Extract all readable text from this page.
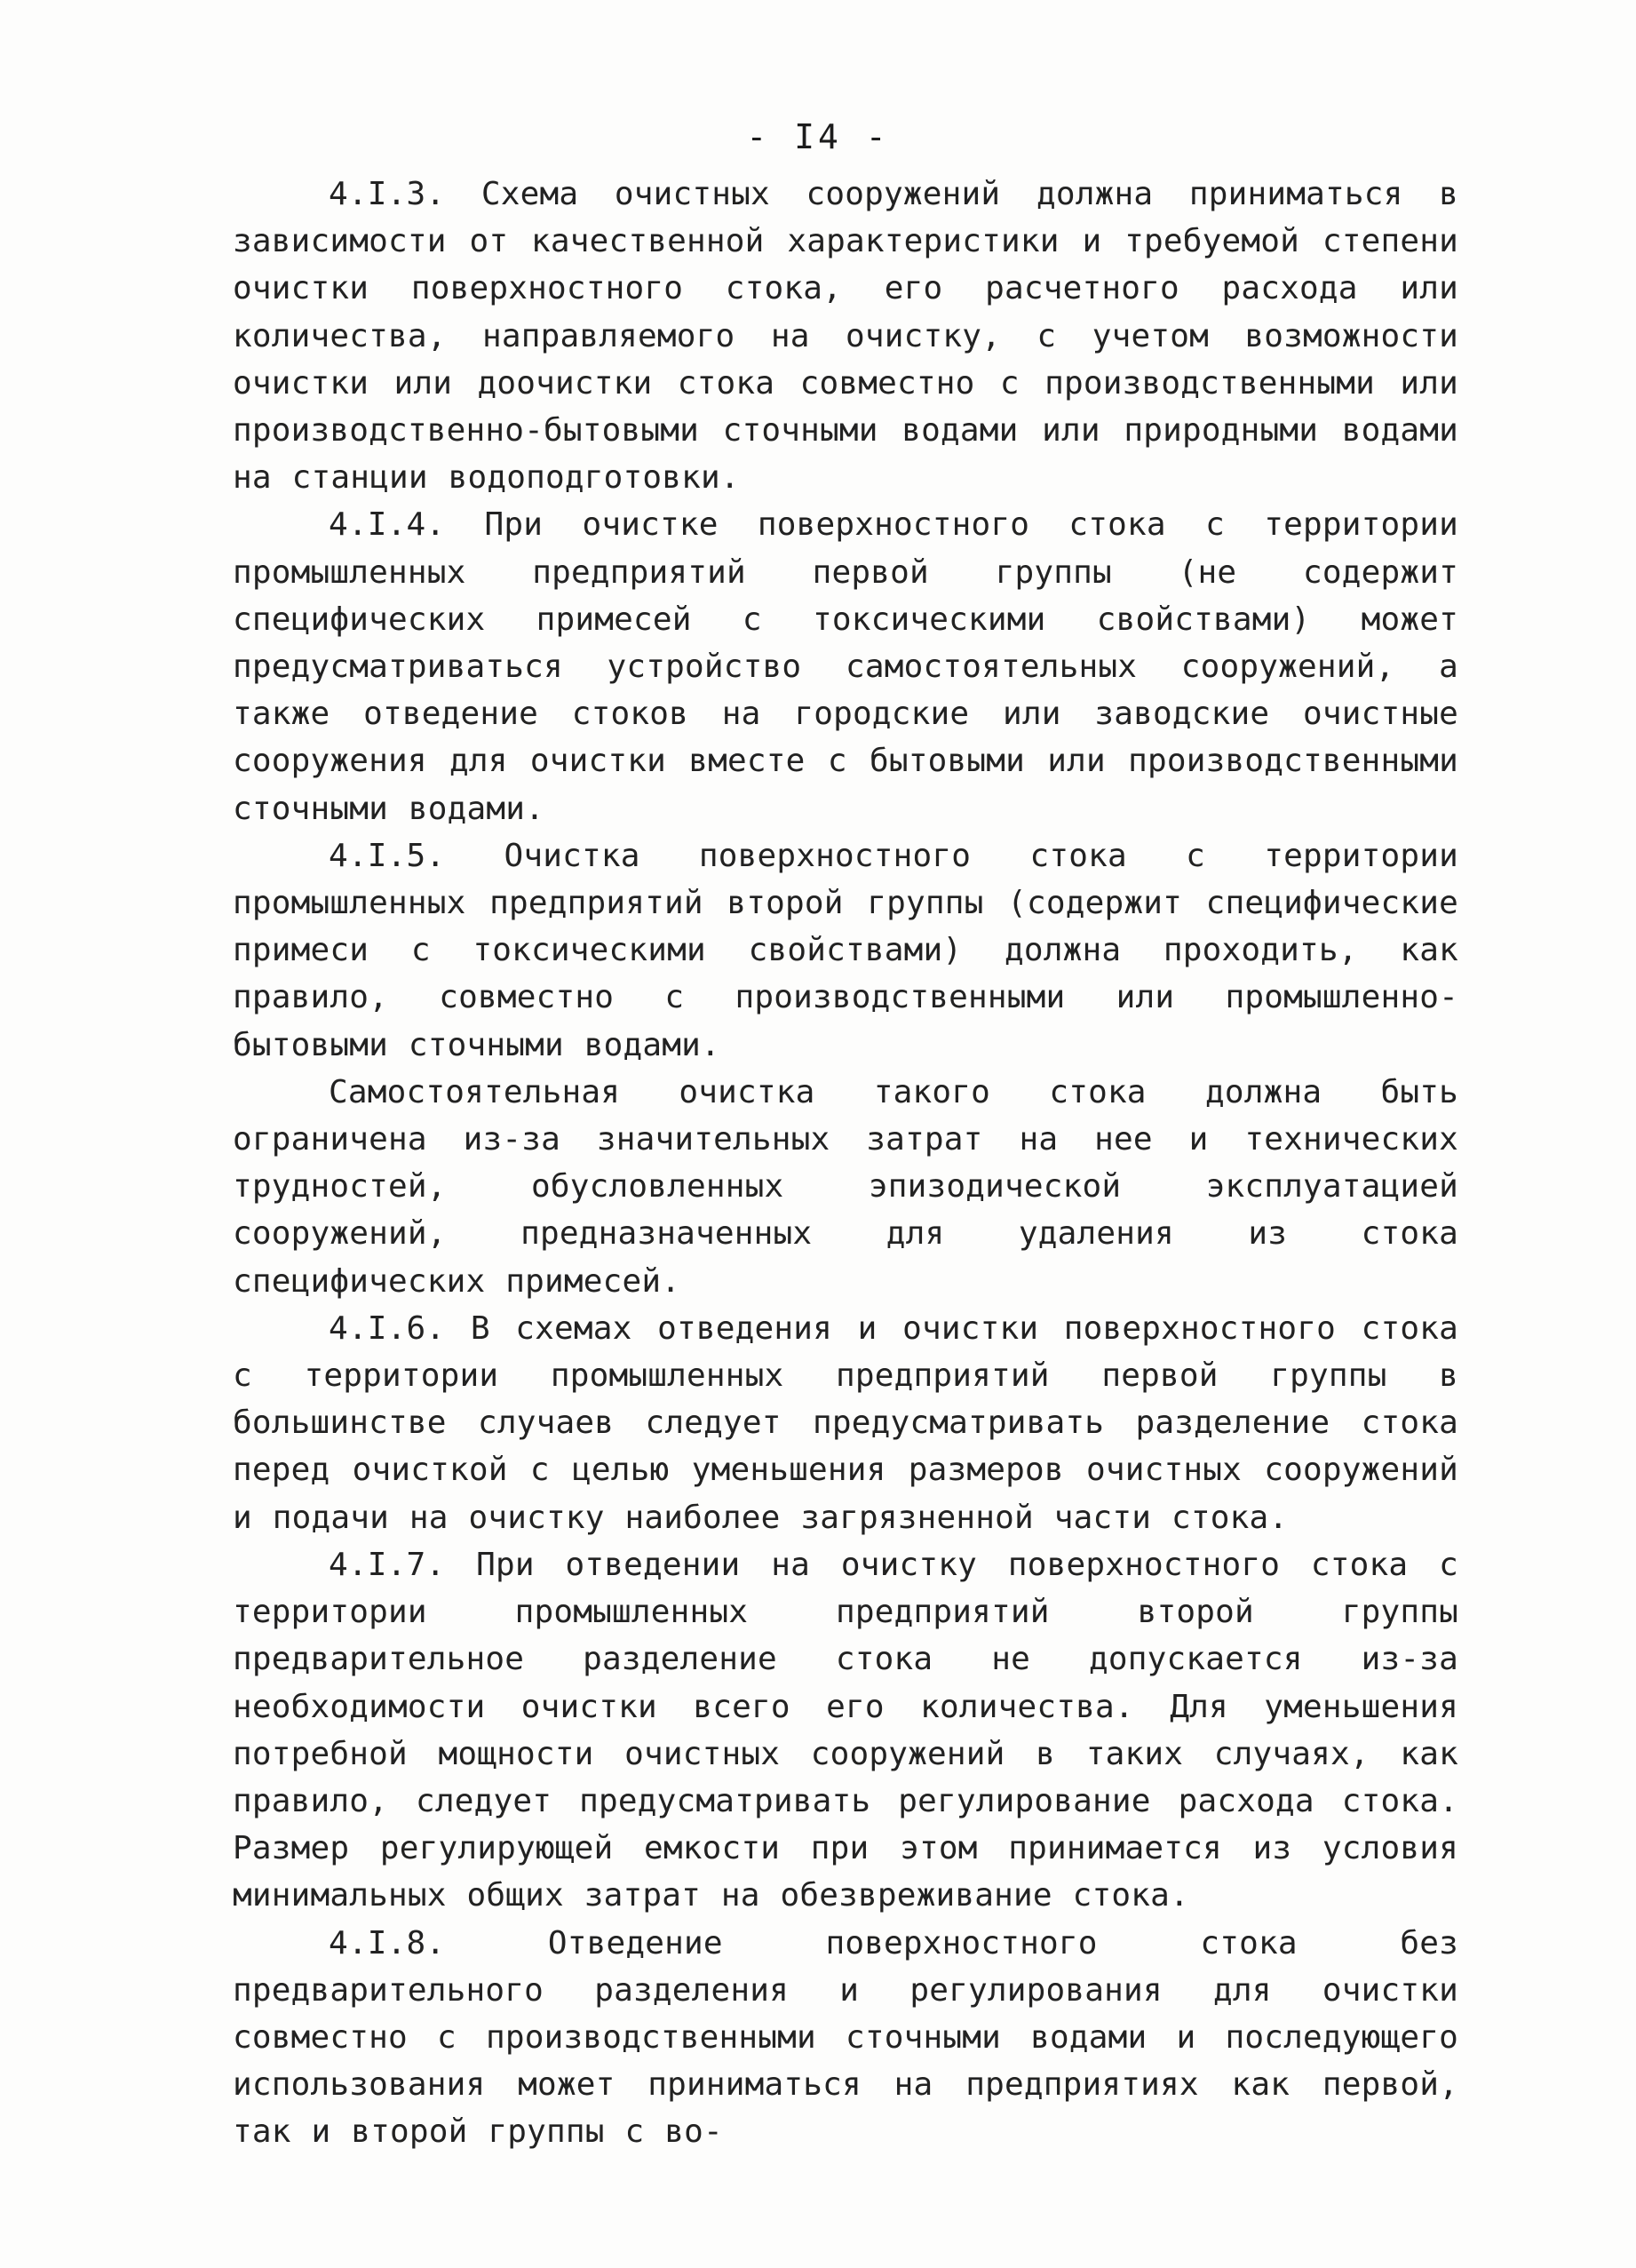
- I4 -

4.I.3. Схема очистных сооружений должна приниматься в зависимости от качественной характеристики и требуемой степени очистки поверхностного стока, его расчетного расхода или количества, направляемого на очистку, с учетом возможности очистки или доочистки стока совместно с производственными или производственно-бытовыми сточными водами или природными водами на станции водоподготовки.

4.I.4. При очистке поверхностного стока с территории промышленных предприятий первой группы (не содержит специфических примесей с токсическими свойствами) может предусматриваться устройство самостоятельных сооружений, а также отведение стоков на городские или заводские очистные сооружения для очистки вместе с бытовыми или производственными сточными водами.

4.I.5. Очистка поверхностного стока с территории промышленных предприятий второй группы (содержит специфические примеси с токсическими свойствами) должна проходить, как правило, совместно с производственными или промышленно-бытовыми сточными водами.

Самостоятельная очистка такого стока должна быть ограничена из-за значительных затрат на нее и технических трудностей, обусловленных эпизодической эксплуатацией сооружений, предназначенных для удаления из стока специфических примесей.

4.I.6. В схемах отведения и очистки поверхностного стока с территории промышленных предприятий первой группы в большинстве случаев следует предусматривать разделение стока перед очисткой с целью уменьшения размеров очистных сооружений и подачи на очистку наиболее загрязненной части стока.

4.I.7. При отведении на очистку поверхностного стока с территории промышленных предприятий второй группы предварительное разделение стока не допускается из-за необходимости очистки всего его количества. Для уменьшения потребной мощности очистных сооружений в таких случаях, как правило, следует предусматривать регулирование расхода стока. Размер регулирующей емкости при этом принимается из условия минимальных общих затрат на обезвреживание стока.

4.I.8. Отведение поверхностного стока без предварительного разделения и регулирования для очистки совместно с производственными сточными водами и последующего использования может приниматься на предприятиях как первой, так и второй группы с во-
